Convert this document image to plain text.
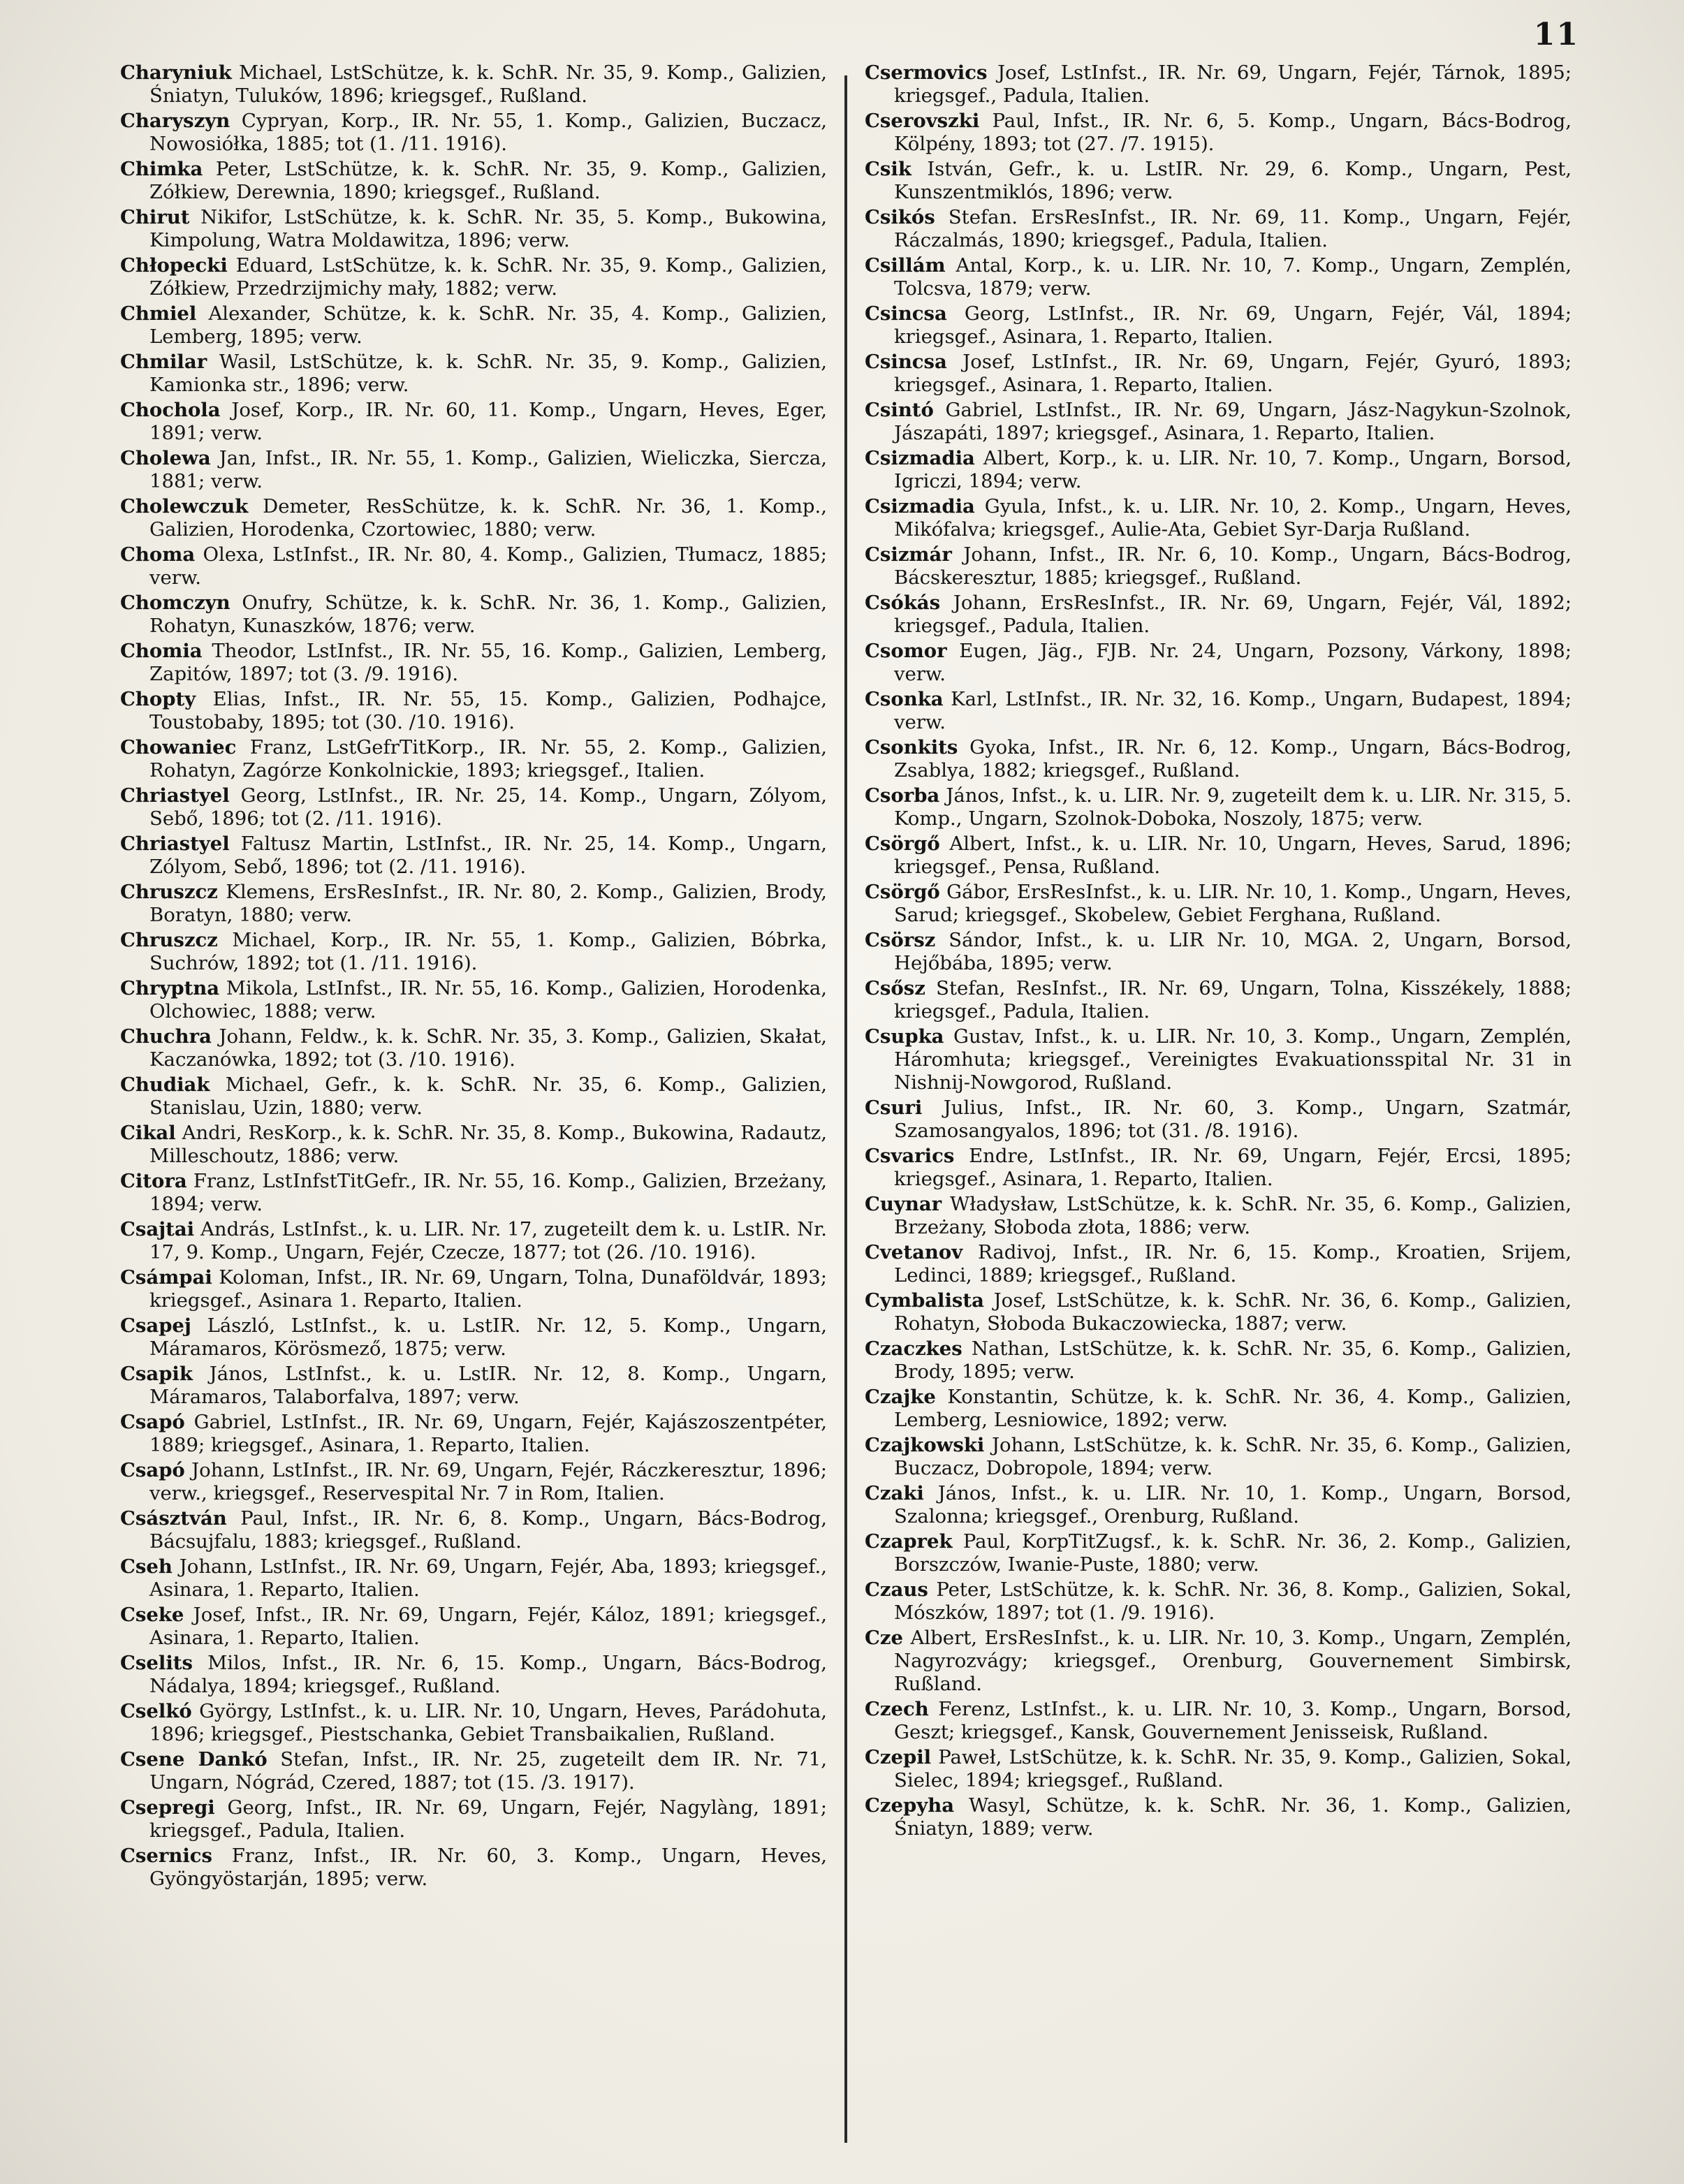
11

Charyniuk Michael, LstSchütze, k. k. SchR. Nr. 35, 9. Komp., Galizien, Śniatyn, Tuluków, 1896; kriegsgef., Rußland.

Charyszyn Cypryan, Korp., IR. Nr. 55, 1. Komp., Galizien, Buczacz, Nowosiółka, 1885; tot (1. /11. 1916).

Chimka Peter, LstSchütze, k. k. SchR. Nr. 35, 9. Komp., Galizien, Zółkiew, Derewnia, 1890; kriegsgef., Rußland.

Chirut Nikifor, LstSchütze, k. k. SchR. Nr. 35, 5. Komp., Bukowina, Kimpolung, Watra Moldawitza, 1896; verw.

Chłopecki Eduard, LstSchütze, k. k. SchR. Nr. 35, 9. Komp., Galizien, Zółkiew, Przedrzijmichy mały, 1882; verw.

Chmiel Alexander, Schütze, k. k. SchR. Nr. 35, 4. Komp., Galizien, Lemberg, 1895; verw.

Chmilar Wasil, LstSchütze, k. k. SchR. Nr. 35, 9. Komp., Galizien, Kamionka str., 1896; verw.

Chochola Josef, Korp., IR. Nr. 60, 11. Komp., Ungarn, Heves, Eger, 1891; verw.

Cholewa Jan, Infst., IR. Nr. 55, 1. Komp., Galizien, Wieliczka, Siercza, 1881; verw.

Cholewczuk Demeter, ResSchütze, k. k. SchR. Nr. 36, 1. Komp., Galizien, Horodenka, Czortowiec, 1880; verw.

Choma Olexa, LstInfst., IR. Nr. 80, 4. Komp., Galizien, Tłumacz, 1885; verw.

Chomczyn Onufry, Schütze, k. k. SchR. Nr. 36, 1. Komp., Galizien, Rohatyn, Kunaszków, 1876; verw.

Chomia Theodor, LstInfst., IR. Nr. 55, 16. Komp., Galizien, Lemberg, Zapitów, 1897; tot (3. /9. 1916).

Chopty Elias, Infst., IR. Nr. 55, 15. Komp., Galizien, Podhajce, Toustobaby, 1895; tot (30. /10. 1916).

Chowaniec Franz, LstGefrTitKorp., IR. Nr. 55, 2. Komp., Galizien, Rohatyn, Zagórze Konkolnickie, 1893; kriegsgef., Italien.

Chriastyel Georg, LstInfst., IR. Nr. 25, 14. Komp., Ungarn, Zólyom, Sebő, 1896; tot (2. /11. 1916).

Chriastyel Faltusz Martin, LstInfst., IR. Nr. 25, 14. Komp., Ungarn, Zólyom, Sebő, 1896; tot (2. /11. 1916).

Chruszcz Klemens, ErsResInfst., IR. Nr. 80, 2. Komp., Galizien, Brody, Boratyn, 1880; verw.

Chruszcz Michael, Korp., IR. Nr. 55, 1. Komp., Galizien, Bóbrka, Suchrów, 1892; tot (1. /11. 1916).

Chryptna Mikola, LstInfst., IR. Nr. 55, 16. Komp., Galizien, Horodenka, Olchowiec, 1888; verw.

Chuchra Johann, Feldw., k. k. SchR. Nr. 35, 3. Komp., Galizien, Skałat, Kaczanówka, 1892; tot (3. /10. 1916).

Chudiak Michael, Gefr., k. k. SchR. Nr. 35, 6. Komp., Galizien, Stanislau, Uzin, 1880; verw.

Cikal Andri, ResKorp., k. k. SchR. Nr. 35, 8. Komp., Bukowina, Radautz, Milleschoutz, 1886; verw.

Citora Franz, LstInfstTitGefr., IR. Nr. 55, 16. Komp., Galizien, Brzeżany, 1894; verw.

Csajtai András, LstInfst., k. u. LIR. Nr. 17, zugeteilt dem k. u. LstIR. Nr. 17, 9. Komp., Ungarn, Fejér, Czecze, 1877; tot (26. /10. 1916).

Csámpai Koloman, Infst., IR. Nr. 69, Ungarn, Tolna, Dunaföldvár, 1893; kriegsgef., Asinara 1. Reparto, Italien.

Csapej László, LstInfst., k. u. LstIR. Nr. 12, 5. Komp., Ungarn, Máramaros, Körösmező, 1875; verw.

Csapik János, LstInfst., k. u. LstIR. Nr. 12, 8. Komp., Ungarn, Máramaros, Talaborfalva, 1897; verw.

Csapó Gabriel, LstInfst., IR. Nr. 69, Ungarn, Fejér, Kajászoszentpéter, 1889; kriegsgef., Asinara, 1. Reparto, Italien.

Csapó Johann, LstInfst., IR. Nr. 69, Ungarn, Fejér, Ráczkeresztur, 1896; verw., kriegsgef., Reservespital Nr. 7 in Rom, Italien.

Császtván Paul, Infst., IR. Nr. 6, 8. Komp., Ungarn, Bács-Bodrog, Bácsujfalu, 1883; kriegsgef., Rußland.

Cseh Johann, LstInfst., IR. Nr. 69, Ungarn, Fejér, Aba, 1893; kriegsgef., Asinara, 1. Reparto, Italien.

Cseke Josef, Infst., IR. Nr. 69, Ungarn, Fejér, Káloz, 1891; kriegsgef., Asinara, 1. Reparto, Italien.

Cselits Milos, Infst., IR. Nr. 6, 15. Komp., Ungarn, Bács-Bodrog, Nádalya, 1894; kriegsgef., Rußland.

Cselkó György, LstInfst., k. u. LIR. Nr. 10, Ungarn, Heves, Parádohuta, 1896; kriegsgef., Piestschanka, Gebiet Transbaikalien, Rußland.

Csene Dankó Stefan, Infst., IR. Nr. 25, zugeteilt dem IR. Nr. 71, Ungarn, Nógrád, Czered, 1887; tot (15. /3. 1917).

Csepregi Georg, Infst., IR. Nr. 69, Ungarn, Fejér, Nagylàng, 1891; kriegsgef., Padula, Italien.

Csernics Franz, Infst., IR. Nr. 60, 3. Komp., Ungarn, Heves, Gyöngyöstarján, 1895; verw.

Csermovics Josef, LstInfst., IR. Nr. 69, Ungarn, Fejér, Tárnok, 1895; kriegsgef., Padula, Italien.

Cserovszki Paul, Infst., IR. Nr. 6, 5. Komp., Ungarn, Bács-Bodrog, Kölpény, 1893; tot (27. /7. 1915).

Csik István, Gefr., k. u. LstIR. Nr. 29, 6. Komp., Ungarn, Pest, Kunszentmiklós, 1896; verw.

Csikós Stefan. ErsResInfst., IR. Nr. 69, 11. Komp., Ungarn, Fejér, Ráczalmás, 1890; kriegsgef., Padula, Italien.

Csillám Antal, Korp., k. u. LIR. Nr. 10, 7. Komp., Ungarn, Zemplén, Tolcsva, 1879; verw.

Csincsa Georg, LstInfst., IR. Nr. 69, Ungarn, Fejér, Vál, 1894; kriegsgef., Asinara, 1. Reparto, Italien.

Csincsa Josef, LstInfst., IR. Nr. 69, Ungarn, Fejér, Gyuró, 1893; kriegsgef., Asinara, 1. Reparto, Italien.

Csintó Gabriel, LstInfst., IR. Nr. 69, Ungarn, Jász-Nagykun-Szolnok, Jászapáti, 1897; kriegsgef., Asinara, 1. Reparto, Italien.

Csizmadia Albert, Korp., k. u. LIR. Nr. 10, 7. Komp., Ungarn, Borsod, Igriczi, 1894; verw.

Csizmadia Gyula, Infst., k. u. LIR. Nr. 10, 2. Komp., Ungarn, Heves, Mikófalva; kriegsgef., Aulie-Ata, Gebiet Syr-Darja Rußland.

Csizmár Johann, Infst., IR. Nr. 6, 10. Komp., Ungarn, Bács-Bodrog, Bácskeresztur, 1885; kriegsgef., Rußland.

Csókás Johann, ErsResInfst., IR. Nr. 69, Ungarn, Fejér, Vál, 1892; kriegsgef., Padula, Italien.

Csomor Eugen, Jäg., FJB. Nr. 24, Ungarn, Pozsony, Várkony, 1898; verw.

Csonka Karl, LstInfst., IR. Nr. 32, 16. Komp., Ungarn, Budapest, 1894; verw.

Csonkits Gyoka, Infst., IR. Nr. 6, 12. Komp., Ungarn, Bács-Bodrog, Zsablya, 1882; kriegsgef., Rußland.

Csorba János, Infst., k. u. LIR. Nr. 9, zugeteilt dem k. u. LIR. Nr. 315, 5. Komp., Ungarn, Szolnok-Doboka, Noszoly, 1875; verw.

Csörgő Albert, Infst., k. u. LIR. Nr. 10, Ungarn, Heves, Sarud, 1896; kriegsgef., Pensa, Rußland.

Csörgő Gábor, ErsResInfst., k. u. LIR. Nr. 10, 1. Komp., Ungarn, Heves, Sarud; kriegsgef., Skobelew, Gebiet Ferghana, Rußland.

Csörsz Sándor, Infst., k. u. LIR Nr. 10, MGA. 2, Ungarn, Borsod, Hejőbába, 1895; verw.

Csősz Stefan, ResInfst., IR. Nr. 69, Ungarn, Tolna, Kisszékely, 1888; kriegsgef., Padula, Italien.

Csupka Gustav, Infst., k. u. LIR. Nr. 10, 3. Komp., Ungarn, Zemplén, Háromhuta; kriegsgef., Vereinigtes Evakuationsspital Nr. 31 in Nishnij-Nowgorod, Rußland.

Csuri Julius, Infst., IR. Nr. 60, 3. Komp., Ungarn, Szatmár, Szamosangyalos, 1896; tot (31. /8. 1916).

Csvarics Endre, LstInfst., IR. Nr. 69, Ungarn, Fejér, Ercsi, 1895; kriegsgef., Asinara, 1. Reparto, Italien.

Cuynar Władysław, LstSchütze, k. k. SchR. Nr. 35, 6. Komp., Galizien, Brzeżany, Słoboda złota, 1886; verw.

Cvetanov Radivoj, Infst., IR. Nr. 6, 15. Komp., Kroatien, Srijem, Ledinci, 1889; kriegsgef., Rußland.

Cymbalista Josef, LstSchütze, k. k. SchR. Nr. 36, 6. Komp., Galizien, Rohatyn, Słoboda Bukaczowiecka, 1887; verw.

Czaczkes Nathan, LstSchütze, k. k. SchR. Nr. 35, 6. Komp., Galizien, Brody, 1895; verw.

Czajke Konstantin, Schütze, k. k. SchR. Nr. 36, 4. Komp., Galizien, Lemberg, Lesniowice, 1892; verw.

Czajkowski Johann, LstSchütze, k. k. SchR. Nr. 35, 6. Komp., Galizien, Buczacz, Dobropole, 1894; verw.

Czaki János, Infst., k. u. LIR. Nr. 10, 1. Komp., Ungarn, Borsod, Szalonna; kriegsgef., Orenburg, Rußland.

Czaprek Paul, KorpTitZugsf., k. k. SchR. Nr. 36, 2. Komp., Galizien, Borszczów, Iwanie-Puste, 1880; verw.

Czaus Peter, LstSchütze, k. k. SchR. Nr. 36, 8. Komp., Galizien, Sokal, Mószków, 1897; tot (1. /9. 1916).

Cze Albert, ErsResInfst., k. u. LIR. Nr. 10, 3. Komp., Ungarn, Zemplén, Nagyrozvágy; kriegsgef., Orenburg, Gouvernement Simbirsk, Rußland.

Czech Ferenz, LstInfst., k. u. LIR. Nr. 10, 3. Komp., Ungarn, Borsod, Geszt; kriegsgef., Kansk, Gouvernement Jenisseisk, Rußland.

Czepil Paweł, LstSchütze, k. k. SchR. Nr. 35, 9. Komp., Galizien, Sokal, Sielec, 1894; kriegsgef., Rußland.

Czepyha Wasyl, Schütze, k. k. SchR. Nr. 36, 1. Komp., Galizien, Śniatyn, 1889; verw.
